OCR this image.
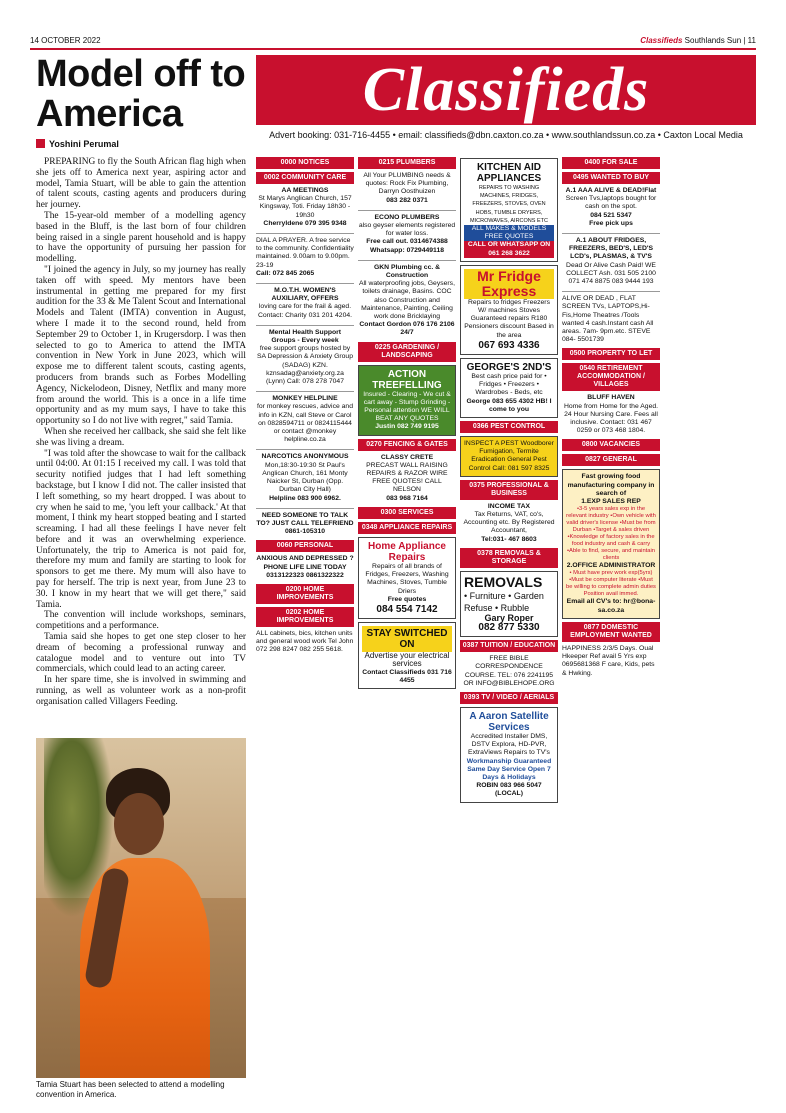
14 OCTOBER 2022	Classifieds Southlands Sun | 11
Model off to America
Yoshini Perumal

PREPARING to fly the South African flag high when she jets off to America next year, aspiring actor and model, Tamia Stuart, will be able to gain the attention of talent scouts, casting agents and producers during her journey.

The 15-year-old member of a modelling agency based in the Bluff, is the last born of four children being raised in a single parent household and is happy to have the opportunity of pursuing her passion for modelling.

"I joined the agency in July, so my journey has really taken off with speed. My mentors have been instrumental in getting me prepared for my first audition for the 33 & Me Talent Scout and International Models and Talent (IMTA) convention in August, where I made it to the second round, held from September 29 to October 1, in Krugersdorp. I was then selected to go to America to attend the IMTA convention in New York in June 2023, which will expose me to different talent scouts, casting agents, producers from brands such as Forbes Modelling Agency, Nickelodeon, Disney, Netflix and many more from around the world. This is a once in a life time opportunity and as my mum says, I have to take this opportunity so I do not live with regret," said Tamia.

When she received her callback, she said she felt like she was living a dream.

"I was told after the showcase to wait for the callback until 04:00. At 01:15 I received my call. I was told that security notified judges that I had left something backstage, but I know I did not. The caller insisted that I left something, so my heart dropped. I was about to cry when he said to me, 'you left your callback.' At that moment, I think my heart stopped beating and I started screaming. I had all these feelings I have never felt before and it was an overwhelming experience. Unfortunately, the trip to America is not paid for, therefore my mum and family are starting to look for sponsors to get me there. My mum will also have to pay for herself. The trip is next year, from June 23 to 30. I know in my heart that we will get there," said Tamia.

The convention will include workshops, seminars, competitions and a performance.

Tamia said she hopes to get one step closer to her dream of becoming a professional runway and catalogue model and to venture out into TV commercials, which could lead to an acting career.

In her spare time, she is involved in swimming and running, as well as volunteer work as a non-profit organisation called Villagers Feeding.

Tamia Stuart has been selected to attend a modelling convention in America.
Classifieds
Advert booking: 031-716-4455 • email: classifieds@dbn.caxton.co.za • www.southlandssun.co.za • Caxton Local Media
0000 NOTICES
0002 COMMUNITY CARE
AA MEETINGS
St Marys Anglican Church, 157 Kingsway, Toti. Friday 18h30 - 19h30
Cherryldene 079 395 9348
DIAL A PRAYER. A free service to the community. Confidentiality maintained. 9.00am to 9.00pm. 23-19
Call: 072 845 2065
M.O.T.H. WOMEN'S AUXILIARY, OFFERS
loving care for the frail & aged. Contact: Charity 031 201 4204.
Mental Health Support Groups - Every week
free support groups hosted by SA Depression & Anxiety Group (SADAG) KZN.
kznsadag@anxiety.org.za (Lynn) Call: 078 278 7047
MONKEY HELPLINE
for monkey rescues, advice and info in KZN, call Steve or Carol on 0828594711 or 0824115444 or contact @monkey helpline.co.za
NARCOTICS ANONYMOUS
Mon,18:30-19:30 St Paul's Anglican Church, 161 Monty Naicker St, Durban (Opp. Durban City Hall)
Helpline 083 900 6962.
NEED SOMEONE TO TALK TO? JUST CALL TELEFRIEND
0861-105310
0060 PERSONAL
ANXIOUS AND DEPRESSED ?PHONE LIFE LINE TODAY
0313122323 0861322322
0200 HOME IMPROVEMENTS
0202 HOME IMPROVEMENTS
ALL cabinets, bics, kitchen units and general wood work Tel John 072 298 8247 082 255 5618.
0215 PLUMBERS
All Your PLUMBING needs & quotes: Rock Fix Plumbing, Darryn Oosthuizen
083 282 0371
ECONO PLUMBERS
also geyser elements registered for water loss.
Free call out. 0314674388 Whatsapp: 0729449118
GKN Plumbing cc. & Construction
All waterproofing jobs, Geysers, toilets drainage, Basins. COC also Construction and Maintenance, Painting, Ceiling work done Bricklaying
Contact Gordon 076 176 2106 24/7
0225 GARDENING / LANDSCAPING
ACTION TREEFELLING
Insured - Clearing - We cut & cart away - Stump Grinding - Personal attention WE WILL BEAT ANY QUOTES
Justin 082 749 9195
0270 FENCING & GATES
CLASSY CRETE
PRECAST WALL RAISING REPAIRS & RAZOR WIRE FREE QUOTES! CALL NELSON
083 968 7164
0300 SERVICES
0348 APPLIANCE REPAIRS
Home Appliance Repairs
Repairs of all brands of Fridges, Freezers, Washing Machines, Stoves, Tumble Driers
Free quotes
084 554 7142
STAY SWITCHED ON
Advertise your electrical services
Contact Classifieds 031 716 4455
KITCHEN AID APPLIANCES
REPAIRS TO WASHING MACHINES, FRIDGES, FREEZERS, STOVES, OVEN HOBS, TUMBLE DRYERS, MICROWAVES, AIRCONS ETC
ALL MAKES & MODELS FREE QUOTES
CALL OR WHATSAPP ON 061 268 3622
Mr Fridge Express
Repairs to fridges Freezers W/ machines Stoves
Guaranteed repairs R180 Pensioners discount Based in the area
067 693 4336
GEORGE'S 2ND'S
Best cash price paid for • Fridges • Freezers • Wardrobes - Beds, etc
George 083 655 4302 HB! I come to you
0366 PEST CONTROL
INSPECT A PEST Woodborer Fumigation, Termite Eradication General Pest Control Call: 081 597 8325
0375 PROFESSIONAL & BUSINESS
INCOME TAX
Tax Returns, VAT, co's, Accounting etc. By Registered Accountant,
Tel:031- 467 8603
0378 REMOVALS & STORAGE
REMOVALS
• Furniture • Garden Refuse • Rubble
Gary Roper
082 877 5330
0387 TUITION / EDUCATION
FREE BIBLE CORRESPONDENCE COURSE. TEL: 076 2241195 OR INFO@BIBLEHOPE.ORG
0393 TV / VIDEO / AERIALS
A Aaron Satellite Services
Accredited Installer DMS, DSTV Explora, HD-PVR, ExtraViews Repairs to TV's
Workmanship Guaranteed Same Day Service Open 7 Days & Holidays
ROBIN 083 966 5047 (LOCAL)
0400 FOR SALE
0495 WANTED TO BUY
A.1 AAA ALIVE & DEAD!Flat
Screen Tvs,laptops bought for cash on the spot.
084 521 5347
Free pick ups
A.1 ABOUT FRIDGES, FREEZERS, BED'S, LED'S LCD's, PLASMAS, & TV'S
Dead Or Alive Cash Paid! WE COLLECT Ash. 031 505 2100 071 474 8875 083 9444 193
ALIVE OR DEAD , FLAT SCREEN TVs, LAPTOPS,Hi-Fis,Home Theatres /Tools wanted 4 cash.Instant cash All areas. 7am- 9pm.etc. STEVE 084- 5501739
0500 PROPERTY TO LET
0540 RETIREMENT ACCOMMODATION / VILLAGES
BLUFF HAVEN
Home from Home for the Aged. 24 Hour Nursing Care. Fees all inclusive. Contact: 031 467 0259 or 073 468 1804.
0800 VACANCIES
0827 GENERAL
Fast growing food manufacturing company in search of
1.EXP SALES REP
•3-5 years sales exp in the relevant industry •Own vehicle with valid driver's license •Must be from Durban •Target & sales driven •Knowledge of factory sales in the food industry and cash & carry •Able to find, secure, and maintain clients
2.OFFICE ADMINISTRATOR
• Must have prev work exp(5yrs) •Must be computer literate •Must be willing to complete admin duties Position avail immed.
Email all CV's to: hr@bona-sa.co.za
0877 DOMESTIC EMPLOYMENT WANTED
HAPPINESS 2/3/5 Days. Oual Hkeeper Ref avail 5 Yrs exp 0695681368 F care, Kids, pets & Hwking.
